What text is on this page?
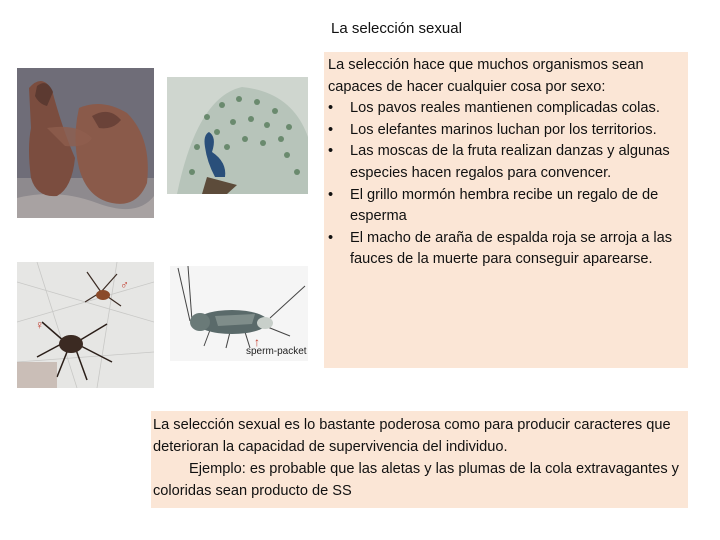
La selección sexual
♂
♀
↑
sperm-packet

La selección hace que muchos organismos sean capaces de hacer cualquier cosa por sexo:

• Los pavos reales mantienen complicadas colas.
• Los elefantes marinos luchan por los territorios.
• Las moscas de la fruta realizan danzas y algunas especies hacen regalos para convencer.
• El grillo mormón hembra recibe un regalo de de esperma
• El macho de araña de espalda roja se arroja a las fauces de la muerte para conseguir aparearse.

La selección sexual es lo bastante poderosa como para producir caracteres que deterioran la capacidad de supervivencia del individuo.

Ejemplo: es probable que las aletas y las plumas de la cola extravagantes y coloridas sean producto de SS
